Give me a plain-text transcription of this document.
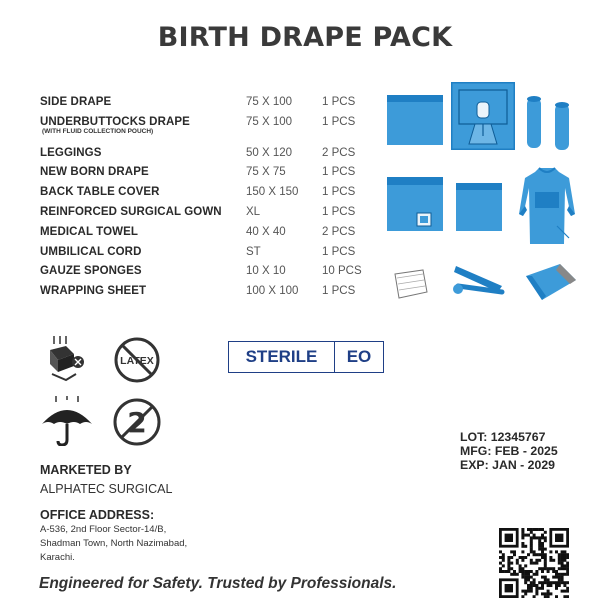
BIRTH DRAPE PACK
SIDE DRAPE	75 X 100	1 PCS
UNDERBUTTOCKS DRAPE
(WITH FLUID COLLECTION POUCH)
75 X 100	1 PCS
LEGGINGS	50 X 120	2 PCS
NEW BORN DRAPE	75 X 75	1 PCS
BACK TABLE COVER	150 X 150 1 PCS
REINFORCED SURGICAL GOWN XL	1 PCS
MEDICAL TOWEL	40 X 40	2 PCS
UMBILICAL CORD	ST	1 PCS
GAUZE SPONGES	10 X 10	10 PCS
WRAPPING SHEET	100 X 100 1 PCS
LATEX
2
STERILE	EO
LOT: 12345767
MFG: FEB - 2025
EXP: JAN - 2029
MARKETED BY
ALPHATEC SURGICAL
OFFICE ADDRESS:
A-536, 2nd Floor Sector-14/B,
Shadman Town, North Nazimabad,
Karachi.
Engineered for Safety. Trusted by Professionals.
